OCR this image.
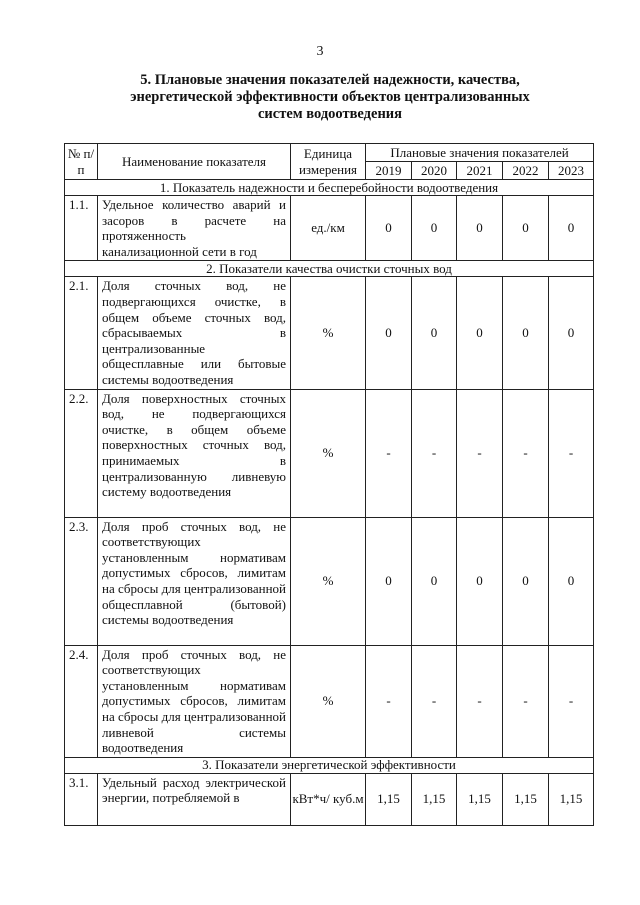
3
5. Плановые значения показателей надежности, качества,
энергетической эффективности объектов централизованных
систем водоотведения
№ п/п	Наименование показателя	Единица измерения	Плановые значения показателей				
			2019	2020	2021	2022	2023
1. Показатель надежности и бесперебойности водоотведения							
1.1.	Удельное количество аварий и засоров в расчете на протяженность канализационной сети в год	ед./км	0	0	0	0	0
2. Показатели качества очистки сточных вод							
2.1.	Доля сточных вод, не подвергающихся очистке, в общем объеме сточных вод, сбрасываемых в централизованные общесплавные или бытовые системы водоотведения	%	0	0	0	0	0
2.2.	Доля поверхностных сточных вод, не подвергающихся очистке, в общем объеме поверхностных сточных вод, принимаемых в централизованную ливневую систему водоотведения	%	-	-	-	-	-
2.3.	Доля проб сточных вод, не соответствующих установленным нормативам допустимых сбросов, лимитам на сбросы для централизованной общесплавной (бытовой) системы водоотведения	%	0	0	0	0	0
2.4.	Доля проб сточных вод, не соответствующих установленным нормативам допустимых сбросов, лимитам на сбросы для централизованной ливневой системы водоотведения	%	-	-	-	-	-
3. Показатели энергетической эффективности							
3.1.	Удельный расход электрической энергии, потребляемой в	кВт*ч/ куб.м	1,15	1,15	1,15	1,15	1,15
